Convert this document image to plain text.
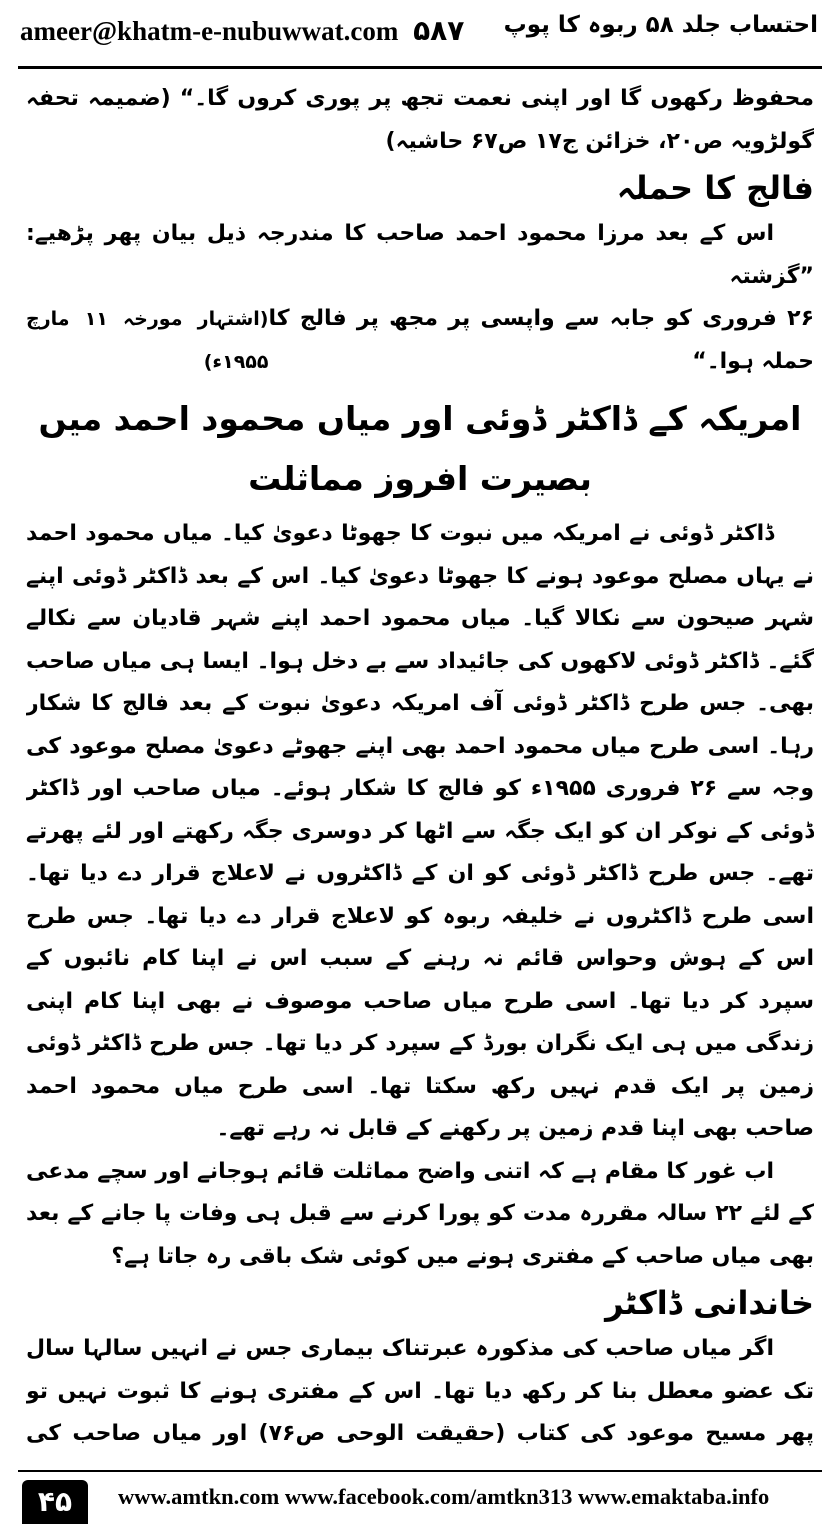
ameer@khatm-e-nubuwwat.com ۵۸۷ احتساب جلد ۵۸ ربوہ کا پوپ

محفوظ رکھوں گا اور اپنی نعمت تجھ پر پوری کروں گا۔“ (ضمیمہ تحفہ گولڑویہ ص۲۰، خزائن ج۱۷ ص۶۷ حاشیہ)

فالج کا حملہ

اس کے بعد مرزا محمود احمد صاحب کا مندرجہ ذیل بیان پھر پڑھیے: ”گزشتہ

۲۶ فروری کو جابہ سے واپسی پر مجھ پر فالج کا حملہ ہوا۔“
(اشتہار مورخہ ۱۱ مارچ ۱۹۵۵ء)

امریکہ کے ڈاکٹر ڈوئی اور میاں محمود احمد میں بصیرت افروز مماثلت

ڈاکٹر ڈوئی نے امریکہ میں نبوت کا جھوٹا دعویٰ کیا۔ میاں محمود احمد نے یہاں مصلح موعود ہونے کا جھوٹا دعویٰ کیا۔ اس کے بعد ڈاکٹر ڈوئی اپنے شہر صیحون سے نکالا گیا۔ میاں محمود احمد اپنے شہر قادیان سے نکالے گئے۔ ڈاکٹر ڈوئی لاکھوں کی جائیداد سے بے دخل ہوا۔ ایسا ہی میاں صاحب بھی۔ جس طرح ڈاکٹر ڈوئی آف امریکہ دعویٰ نبوت کے بعد فالج کا شکار رہا۔ اسی طرح میاں محمود احمد بھی اپنے جھوٹے دعویٰ مصلح موعود کی وجہ سے ۲۶ فروری ۱۹۵۵ء کو فالج کا شکار ہوئے۔ میاں صاحب اور ڈاکٹر ڈوئی کے نوکر ان کو ایک جگہ سے اٹھا کر دوسری جگہ رکھتے اور لئے پھرتے تھے۔ جس طرح ڈاکٹر ڈوئی کو ان کے ڈاکٹروں نے لاعلاج قرار دے دیا تھا۔ اسی طرح ڈاکٹروں نے خلیفہ ربوہ کو لاعلاج قرار دے دیا تھا۔ جس طرح اس کے ہوش وحواس قائم نہ رہنے کے سبب اس نے اپنا کام نائبوں کے سپرد کر دیا تھا۔ اسی طرح میاں صاحب موصوف نے بھی اپنا کام اپنی زندگی میں ہی ایک نگران بورڈ کے سپرد کر دیا تھا۔ جس طرح ڈاکٹر ڈوئی زمین پر ایک قدم نہیں رکھ سکتا تھا۔ اسی طرح میاں محمود احمد صاحب بھی اپنا قدم زمین پر رکھنے کے قابل نہ رہے تھے۔

اب غور کا مقام ہے کہ اتنی واضح مماثلت قائم ہوجانے اور سچے مدعی کے لئے ۲۲ سالہ مقررہ مدت کو پورا کرنے سے قبل ہی وفات پا جانے کے بعد بھی میاں صاحب کے مفتری ہونے میں کوئی شک باقی رہ جاتا ہے؟

خاندانی ڈاکٹر

اگر میاں صاحب کی مذکورہ عبرتناک بیماری جس نے انہیں سالہا سال تک عضو معطل بنا کر رکھ دیا تھا۔ اس کے مفتری ہونے کا ثبوت نہیں تو پھر مسیح موعود کی کتاب (حقیقت الوحی ص۷۶) اور میاں صاحب کی

۴۵	www.amtkn.com www.facebook.com/amtkn313 www.emaktaba.info
